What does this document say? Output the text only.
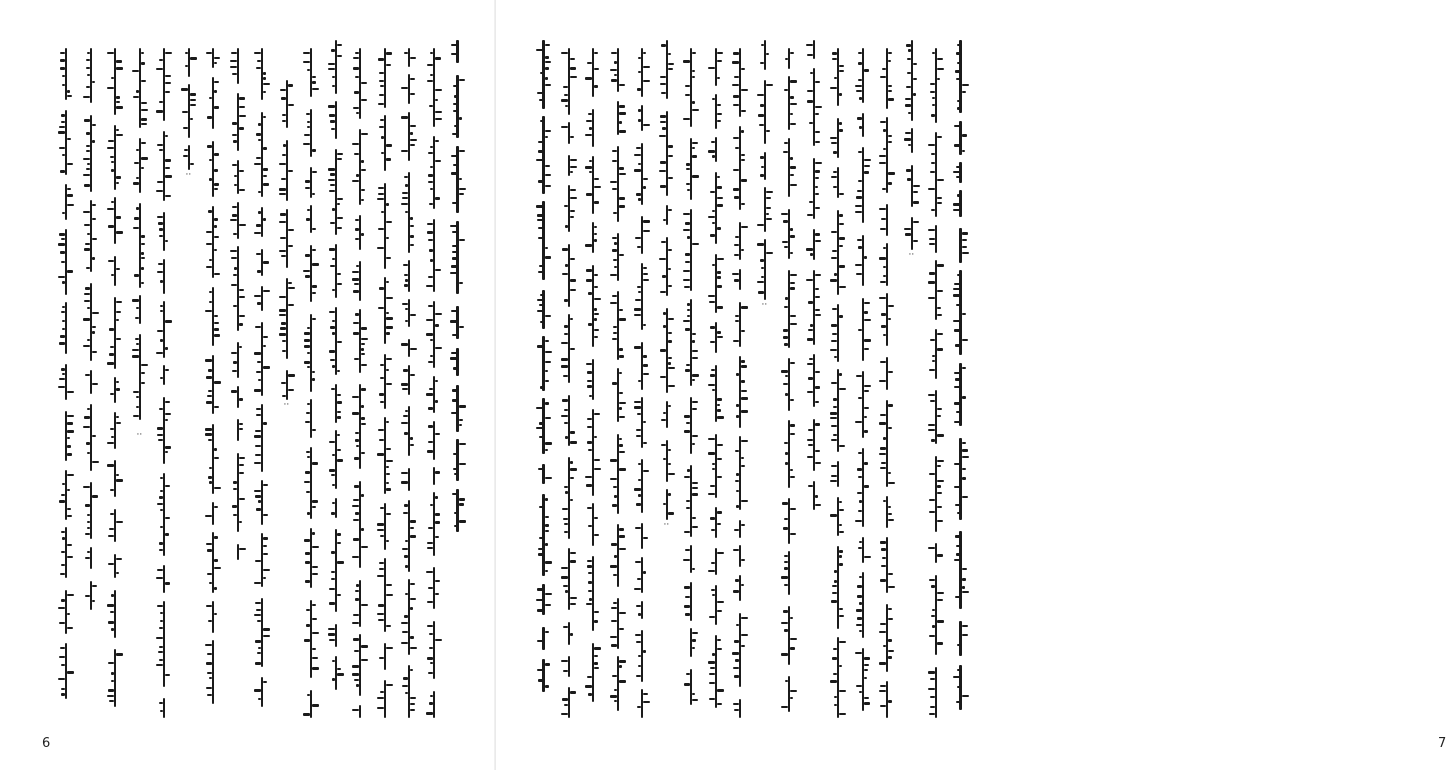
··
··
··
6
··
··
··
7
